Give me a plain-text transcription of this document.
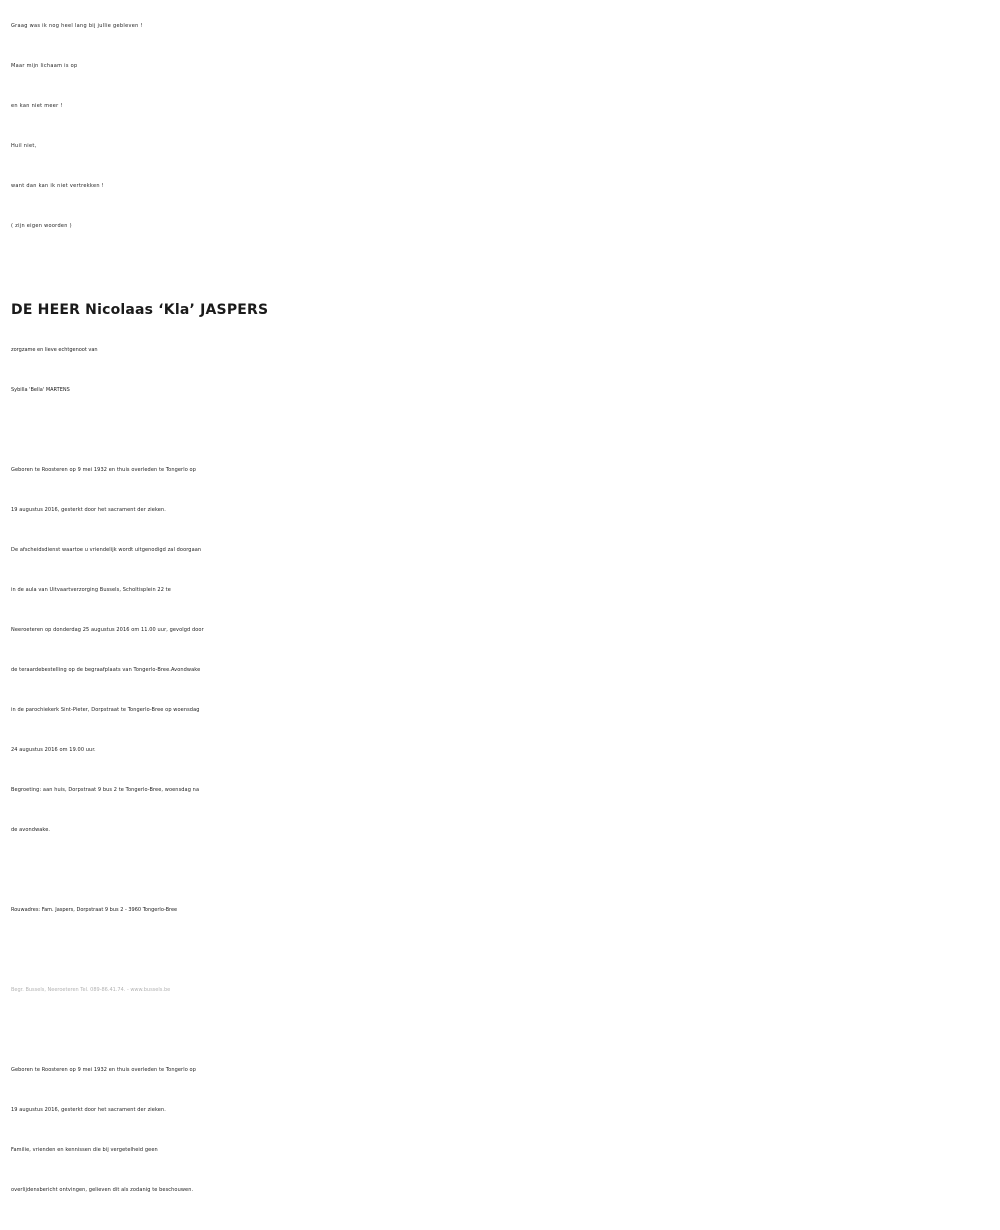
Graag was ik nog heel lang bij jullie gebleven !
Maar mijn lichaam is op
en kan niet meer !
Huil niet,
want dan kan ik niet vertrekken !
( zijn eigen woorden )
DE HEER Nicolaas ‘Kla’ JASPERS
zorgzame en lieve echtgenoot van
Sybilla 'Bella' MARTENS
Geboren te Roosteren op 9 mei 1932 en thuis overleden te Tongerlo op
19 augustus 2016, gesterkt door het sacrament der zieken.
De afscheidsdienst waartoe u vriendelijk wordt uitgenodigd zal doorgaan
in de aula van Uitvaartverzorging Bussels, Scholtisplein 22 te
Neeroeteren op donderdag 25 augustus 2016 om 11.00 uur, gevolgd door
de teraardebestelling op de begraafplaats van Tongerlo-Bree.Avondwake
in de parochiekerk Sint-Pieter, Dorpstraat te Tongerlo-Bree op woensdag
24 augustus 2016 om 19.00 uur.
Begroeting: aan huis, Dorpstraat 9 bus 2 te Tongerlo-Bree, woensdag na
de avondwake.
Rouwadres: Fam. Jaspers, Dorpstraat 9 bus 2 - 3960 Tongerlo-Bree
Begr. Bussels, Neeroeteren Tel. 089-86.41.74. - www.bussels.be
Geboren te Roosteren op 9 mei 1932 en thuis overleden te Tongerlo op
19 augustus 2016, gesterkt door het sacrament der zieken.
Familie, vrienden en kennissen die bij vergetelheid geen
overlijdensbericht ontvingen, gelieven dit als zodanig te beschouwen.
